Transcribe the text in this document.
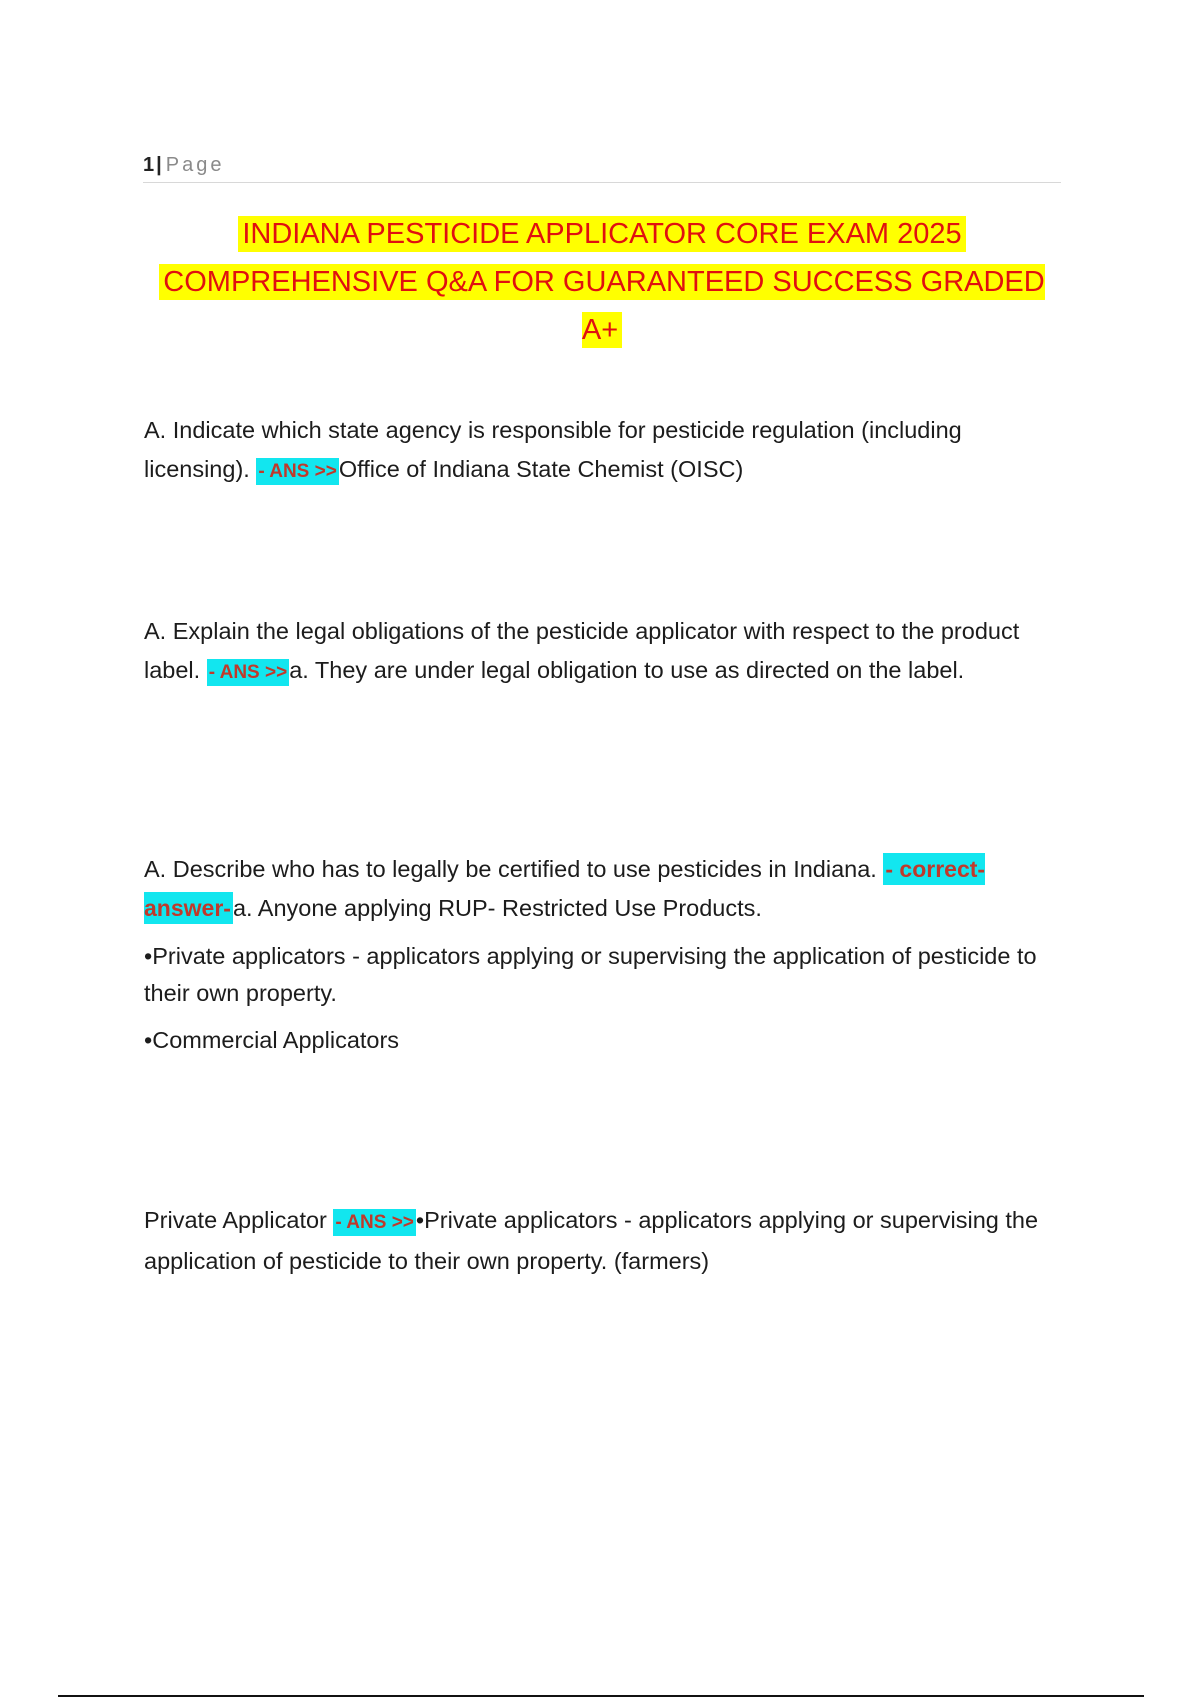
1 | Page
INDIANA PESTICIDE APPLICATOR CORE EXAM 2025
COMPREHENSIVE Q&A FOR GUARANTEED SUCCESS GRADED A+

A. Indicate which state agency is responsible for pesticide regulation (including licensing). - ANS >>Office of Indiana State Chemist (OISC)

A. Explain the legal obligations of the pesticide applicator with respect to the product label. - ANS >>a. They are under legal obligation to use as directed on the label.

A. Describe who has to legally be certified to use pesticides in Indiana. - correct-answer-a. Anyone applying RUP- Restricted Use Products.

•Private applicators - applicators applying or supervising the application of pesticide to their own property.

•Commercial Applicators

Private Applicator - ANS >>•Private applicators - applicators applying or supervising the application of pesticide to their own property. (farmers)
